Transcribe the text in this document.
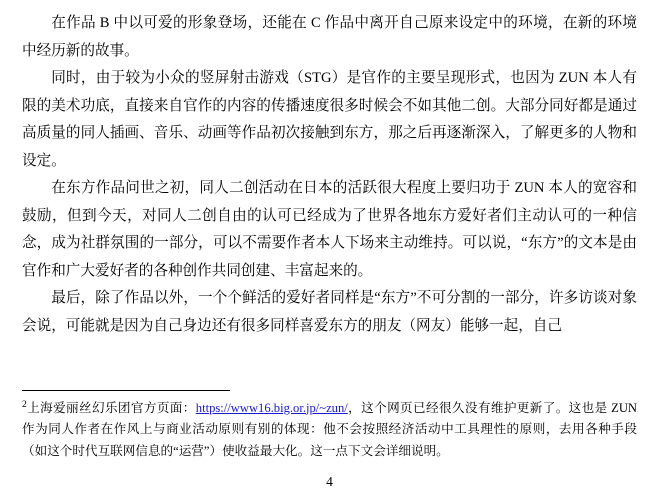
在作品 B 中以可爱的形象登场，还能在 C 作品中离开自己原来设定中的环境，在新的环境中经历新的故事。

同时，由于较为小众的竖屏射击游戏（STG）是官作的主要呈现形式，也因为 ZUN 本人有限的美术功底，直接来自官作的内容的传播速度很多时候会不如其他二创。大部分同好都是通过高质量的同人插画、音乐、动画等作品初次接触到东方，那之后再逐渐深入，了解更多的人物和设定。

在东方作品问世之初，同人二创活动在日本的活跃很大程度上要归功于 ZUN 本人的宽容和鼓励，但到今天，对同人二创自由的认可已经成为了世界各地东方爱好者们主动认可的一种信念，成为社群氛围的一部分，可以不需要作者本人下场来主动维持。可以说，“东方”的文本是由官作和广大爱好者的各种创作共同创建、丰富起来的。

最后，除了作品以外，一个个鲜活的爱好者同样是“东方”不可分割的一部分，许多访谈对象会说，可能就是因为自己身边还有很多同样喜爱东方的朋友（网友）能够一起，自己

$^2$上海爱丽丝幻乐团官方页面：https://www16.big.or.jp/~zun/，这个网页已经很久没有维护更新了。这也是 ZUN 作为同人作者在作风上与商业活动原则有别的体现：他不会按照经济活动中工具理性的原则，去用各种手段（如这个时代互联网信息的“运营”）使收益最大化。这一点下文会详细说明。

4
